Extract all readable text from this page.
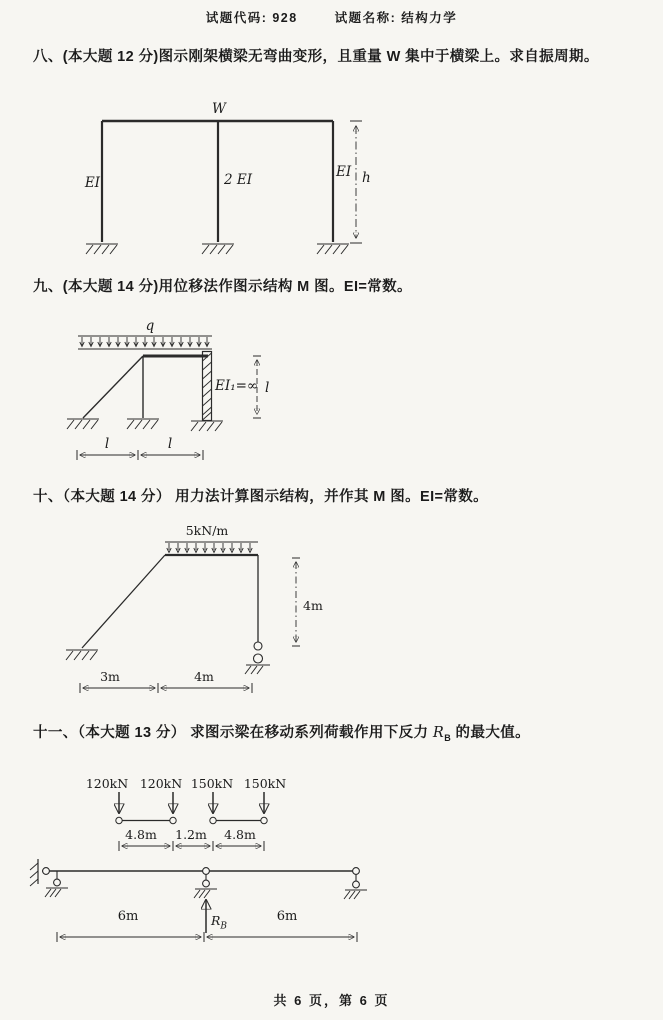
试题代码: 928	试题名称: 结构力学

八、(本大题 12 分)图示刚架横梁无弯曲变形，且重量 W 集中于横梁上。求自振周期。

W
EI	2 EI	EI h

九、(本大题 14 分)用位移法作图示结构 M 图。EI=常数。

q
EI₁=∞ l
l	l

十、（本大题 14 分） 用力法计算图示结构，并作其 M 图。EI=常数。

5kN/m
4m
3m	4m

十一、（本大题 13 分） 求图示梁在移动系列荷载作用下反力 $R_B$ 的最大值。

120kN 120kN 150kN 150kN
4.8m 1.2m 4.8m
$R_B$
6m	6m
共 6 页，第 6 页
